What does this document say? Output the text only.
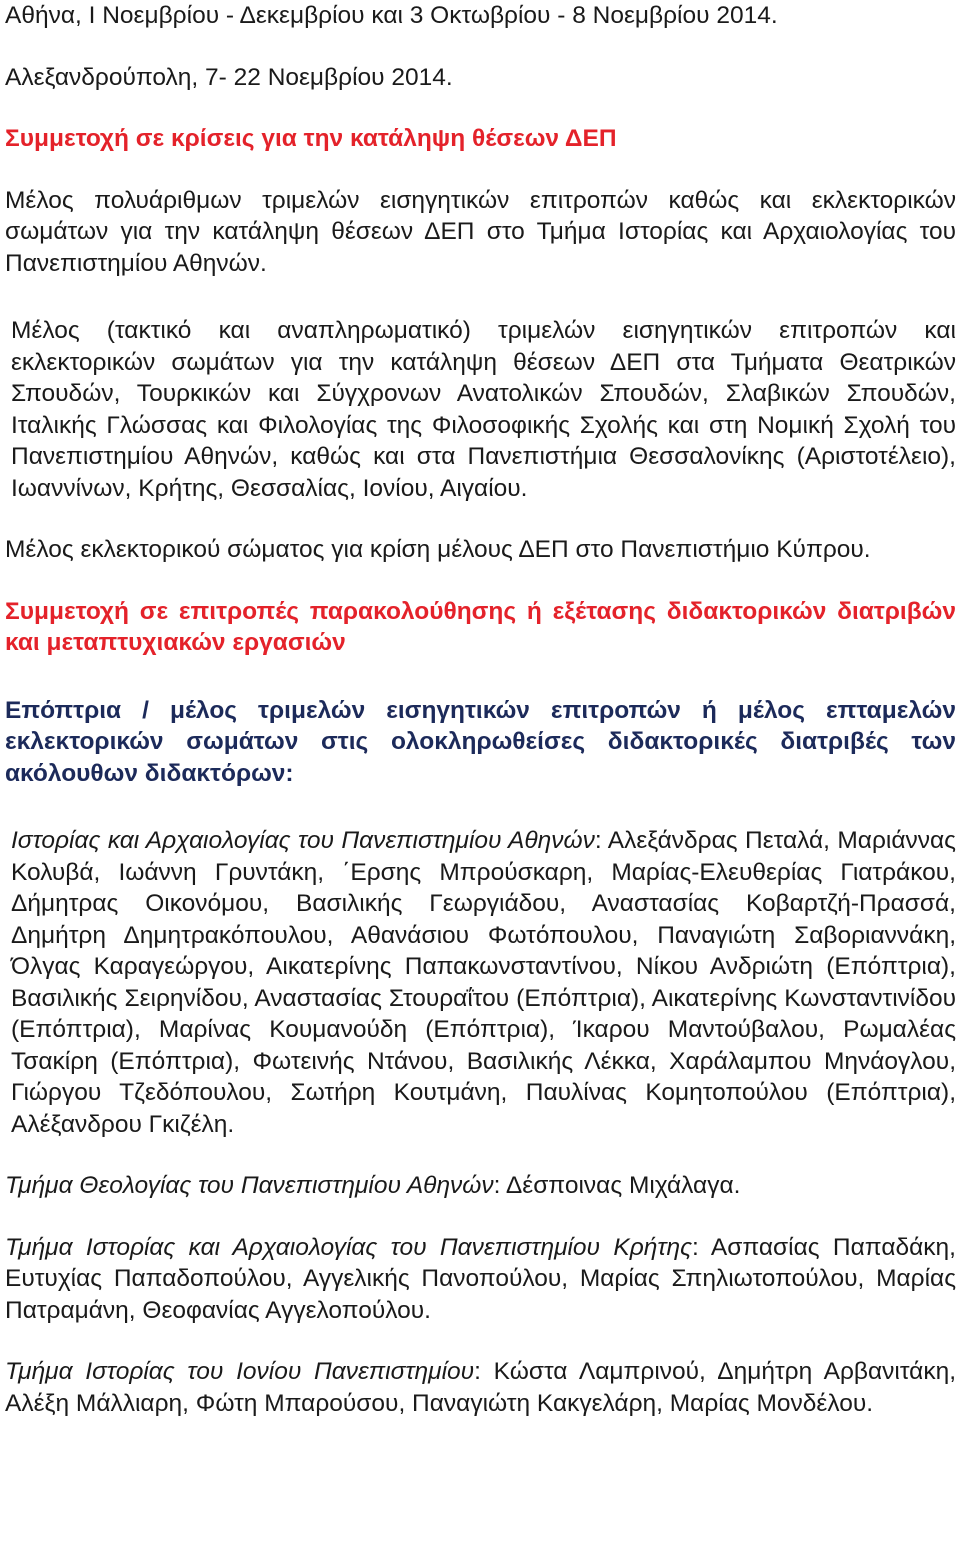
Αθήνα, Ι Νοεμβρίου - Δεκεμβρίου και 3 Οκτωβρίου - 8 Νοεμβρίου 2014.

Αλεξανδρούπολη, 7- 22 Νοεμβρίου 2014.

Συμμετοχή σε κρίσεις για την κατάληψη θέσεων ΔΕΠ

Μέλος πολυάριθμων τριμελών εισηγητικών επιτροπών καθώς και εκλεκτορικών σωμάτων για την κατάληψη θέσεων ΔΕΠ στο Τμήμα Ιστορίας και Αρχαιολογίας του Πανεπιστημίου Αθηνών.

Μέλος (τακτικό και αναπληρωματικό) τριμελών εισηγητικών επιτροπών και εκλεκτορικών σωμάτων για την κατάληψη θέσεων ΔΕΠ στα Τμήματα Θεατρικών Σπουδών, Τουρκικών και Σύγχρονων Ανατολικών Σπουδών, Σλαβικών Σπουδών, Ιταλικής Γλώσσας και Φιλολογίας της Φιλοσοφικής Σχολής και στη Νομική Σχολή του Πανεπιστημίου Αθηνών, καθώς και στα Πανεπιστήμια Θεσσαλονίκης (Αριστοτέλειο), Ιωαννίνων, Κρήτης, Θεσσαλίας, Ιονίου, Αιγαίου.

Μέλος εκλεκτορικού σώματος για κρίση μέλους ΔΕΠ στο Πανεπιστήμιο Κύπρου.

Συμμετοχή σε επιτροπές παρακολούθησης ή εξέτασης διδακτορικών διατριβών και μεταπτυχιακών εργασιών

Επόπτρια / μέλος τριμελών εισηγητικών επιτροπών ή μέλος επταμελών εκλεκτορικών σωμάτων στις ολοκληρωθείσες διδακτορικές διατριβές των ακόλουθων διδακτόρων:

Ιστορίας και Αρχαιολογίας του Πανεπιστημίου Αθηνών: Αλεξάνδρας Πεταλά, Μαριάννας Κολυβά, Ιωάννη Γρυντάκη, ΄Ερσης Μπρούσκαρη, Μαρίας-Ελευθερίας Γιατράκου, Δήμητρας Οικονόμου, Βασιλικής Γεωργιάδου, Αναστασίας Κοβαρτζή-Πρασσά, Δημήτρη Δημητρακόπουλου, Αθανάσιου Φωτόπουλου, Παναγιώτη Σαβοριαννάκη, Όλγας Καραγεώργου, Αικατερίνης Παπακωνσταντίνου, Νίκου Ανδριώτη (Επόπτρια), Βασιλικής Σειρηνίδου, Αναστασίας Στουραΐτου (Επόπτρια), Αικατερίνης Κωνσταντινίδου (Επόπτρια), Μαρίνας Κουμανούδη (Επόπτρια), Ίκαρου Μαντούβαλου, Ρωμαλέας Τσακίρη (Επόπτρια), Φωτεινής Ντάνου, Βασιλικής Λέκκα, Χαράλαμπου Μηνάογλου, Γιώργου Τζεδόπουλου, Σωτήρη Κουτμάνη, Παυλίνας Κομητοπούλου (Επόπτρια), Αλέξανδρου Γκιζέλη.

Τμήμα Θεολογίας του Πανεπιστημίου Αθηνών: Δέσποινας Μιχάλαγα.

Τμήμα Ιστορίας και Αρχαιολογίας του Πανεπιστημίου Κρήτης: Ασπασίας Παπαδάκη, Ευτυχίας Παπαδοπούλου, Αγγελικής Πανοπούλου, Μαρίας Σπηλιωτοπούλου, Μαρίας Πατραμάνη, Θεοφανίας Αγγελοπούλου.

Τμήμα Ιστορίας του Ιονίου Πανεπιστημίου: Κώστα Λαμπρινού, Δημήτρη Αρβανιτάκη, Αλέξη Μάλλιαρη, Φώτη Μπαρούσου, Παναγιώτη Κακγελάρη, Μαρίας Μονδέλου.
